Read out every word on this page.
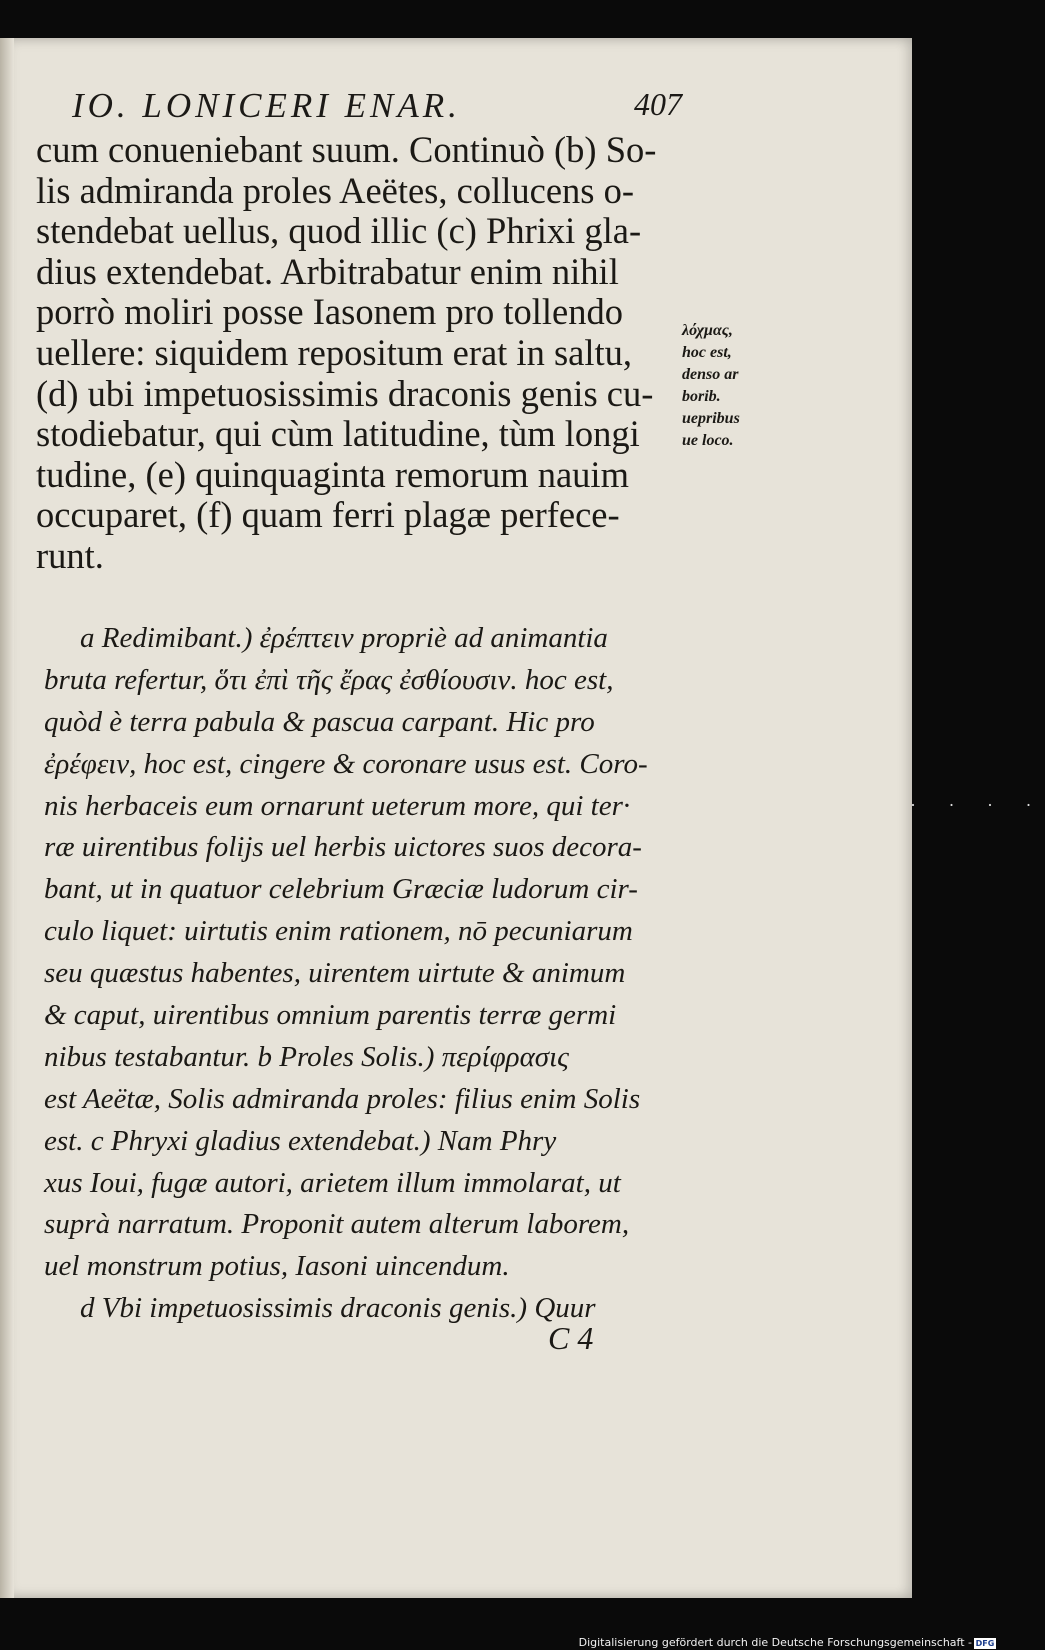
IO. LONICERI ENAR.	407
cum conueniebant suum. Continuò (b) So-
lis admiranda proles Aeëtes, collucens o-
stendebat uellus, quod illic (c) Phrixi gla-
dius extendebat. Arbitrabatur enim nihil
porrò moliri posse Iasonem pro tollendo
uellere: siquidem repositum erat in saltu,
(d) ubi impetuosissimis draconis genis cu-
stodiebatur, qui cùm latitudine, tùm longi
tudine, (e) quinquaginta remorum nauim
occuparet, (f) quam ferri plagæ perfece-
runt.
λόχμας,
hoc est,
denso ar
borib.
uepribus
ue loco.
a Redimibant.) ἐρέπτειν propriè ad animantia
bruta refertur, ὅτι ἐπὶ τῆς ἔρας ἐσθίουσιν. hoc est,
quòd è terra pabula & pascua carpant. Hic pro
ἐρέφειν, hoc est, cingere & coronare usus est. Coro-
nis herbaceis eum ornarunt ueterum more, qui ter·
ræ uirentibus folijs uel herbis uictores suos decora-
bant, ut in quatuor celebrium Græciæ ludorum cir-
culo liquet: uirtutis enim rationem, nō pecuniarum
seu quæstus habentes, uirentem uirtute & animum
& caput, uirentibus omnium parentis terræ germi
nibus testabantur. b Proles Solis.) περίφρασις
est Aeëtæ, Solis admiranda proles: filius enim Solis
est. c Phryxi gladius extendebat.) Nam Phry
xus Ioui, fugæ autori, arietem illum immolarat, ut
suprà narratum. Proponit autem alterum laborem,
uel monstrum potius, Iasoni uincendum.
d Vbi impetuosissimis draconis genis.) Quur
C 4
· · · ·
Digitalisierung gefördert durch die Deutsche Forschungsgemeinschaft - DFG
